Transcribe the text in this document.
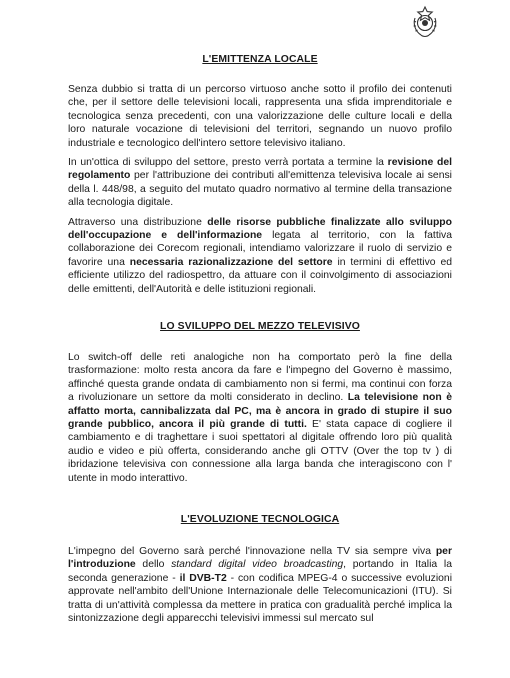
L'EMITTENZA LOCALE

Senza dubbio si tratta di un percorso virtuoso anche sotto il profilo dei contenuti che, per il settore delle televisioni locali, rappresenta una sfida imprenditoriale e tecnologica senza precedenti, con una valorizzazione delle culture locali e della loro naturale vocazione di televisioni del territori, segnando un nuovo profilo industriale e tecnologico dell'intero settore televisivo italiano.

In un'ottica di sviluppo del settore, presto verrà portata a termine la revisione del regolamento per l'attribuzione dei contributi all'emittenza televisiva locale ai sensi della l. 448/98, a seguito del mutato quadro normativo al termine della transazione alla tecnologia digitale.

Attraverso una distribuzione delle risorse pubbliche finalizzate allo sviluppo dell'occupazione e dell'informazione legata al territorio, con la fattiva collaborazione dei Corecom regionali, intendiamo valorizzare il ruolo di servizio e favorire una necessaria razionalizzazione del settore in termini di effettivo ed efficiente utilizzo del radiospettro, da attuare con il coinvolgimento di associazioni delle emittenti, dell'Autorità e delle istituzioni regionali.

LO SVILUPPO DEL MEZZO TELEVISIVO

Lo switch-off delle reti analogiche non ha comportato però la fine della trasformazione: molto resta ancora da fare e l'impegno del Governo è massimo, affinché questa grande ondata di cambiamento non si fermi, ma continui con forza a rivoluzionare un settore da molti considerato in declino. La televisione non è affatto morta, cannibalizzata dal PC, ma è ancora in grado di stupire il suo grande pubblico, ancora il più grande di tutti. E' stata capace di cogliere il cambiamento e di traghettare i suoi spettatori al digitale offrendo loro più qualità audio e video e più offerta, considerando anche gli OTTV (Over the top tv ) di ibridazione televisiva con connessione alla larga banda che interagiscono con l' utente in modo interattivo.

L'EVOLUZIONE TECNOLOGICA

L'impegno del Governo sarà perché l'innovazione nella TV sia sempre viva per l'introduzione dello standard digital video broadcasting, portando in Italia la seconda generazione - il DVB-T2 - con codifica MPEG-4 o successive evoluzioni approvate nell'ambito dell'Unione Internazionale delle Telecomunicazioni (ITU). Si tratta di un'attività complessa da mettere in pratica con gradualità perché implica la sintonizzazione degli apparecchi televisivi immessi sul mercato sul
